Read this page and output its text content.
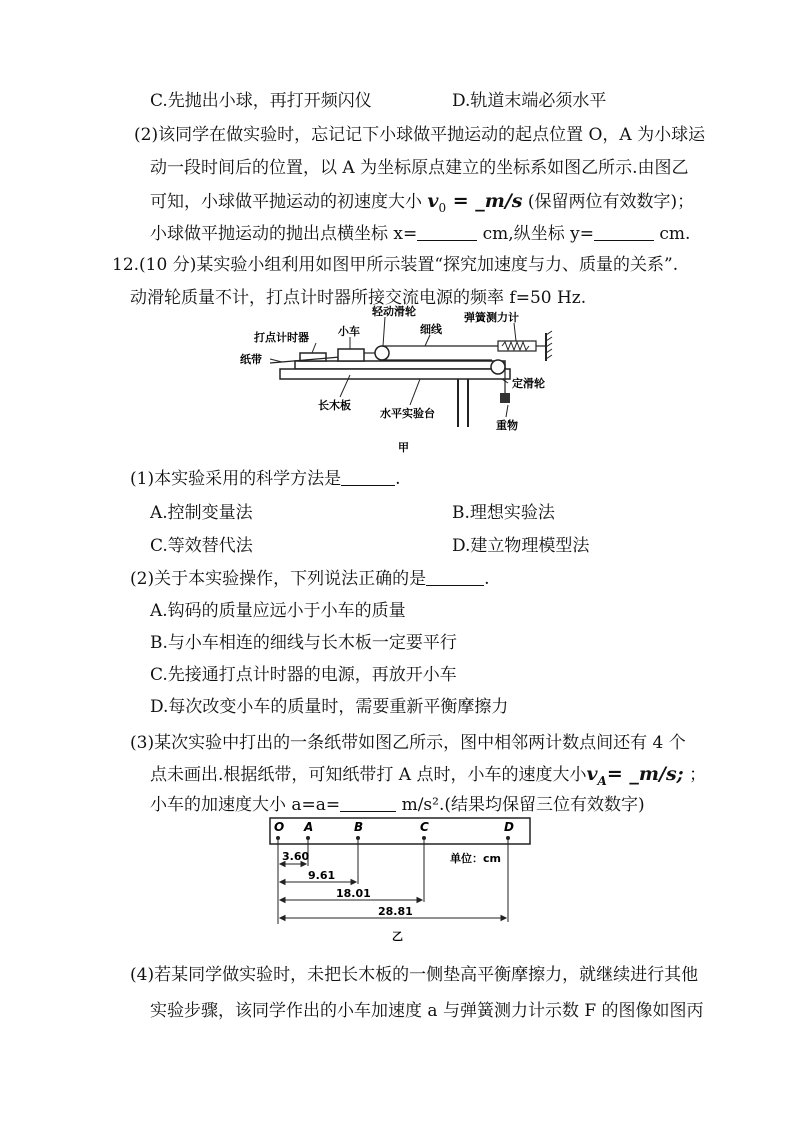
C.先抛出小球，再打开频闪仪	D.轨道末端必须水平
(2)该同学在做实验时，忘记记下小球做平抛运动的起点位置 O，A 为小球运
动一段时间后的位置，以 A 为坐标原点建立的坐标系如图乙所示.由图乙
可知，小球做平抛运动的初速度大小 $v_0$ = _m/s (保留两位有效数字)；
小球做平抛运动的抛出点横坐标 x=	cm,纵坐标 y=	cm.
12.(10 分)某实验小组利用如图甲所示装置“探究加速度与力、质量的关系”.
动滑轮质量不计，打点计时器所接交流电源的频率 f=50 Hz.
打点计时器	小车
轻动滑轮
细线
弹簧测力计
纸带
定滑轮
长木板
水平实验台
重物
甲
(1)本实验采用的科学方法是	.
A.控制变量法	B.理想实验法
C.等效替代法	D.建立物理模型法
(2)关于本实验操作，下列说法正确的是	.
A.钩码的质量应远小于小车的质量
B.与小车相连的细线与长木板一定要平行
C.先接通打点计时器的电源，再放开小车
D.每次改变小车的质量时，需要重新平衡摩擦力
(3)某次实验中打出的一条纸带如图乙所示，图中相邻两计数点间还有 4 个
点未画出.根据纸带，可知纸带打 A 点时，小车的速度大小$v_A=$ _m/s; ；
小车的加速度大小 a=a=	m/s².(结果均保留三位有效数字)
O A	B	C	D
3.60
9.61
18.01
28.81
单位：cm
乙
(4)若某同学做实验时，未把长木板的一侧垫高平衡摩擦力，就继续进行其他
实验步骤，该同学作出的小车加速度 a 与弹簧测力计示数 F 的图像如图丙
